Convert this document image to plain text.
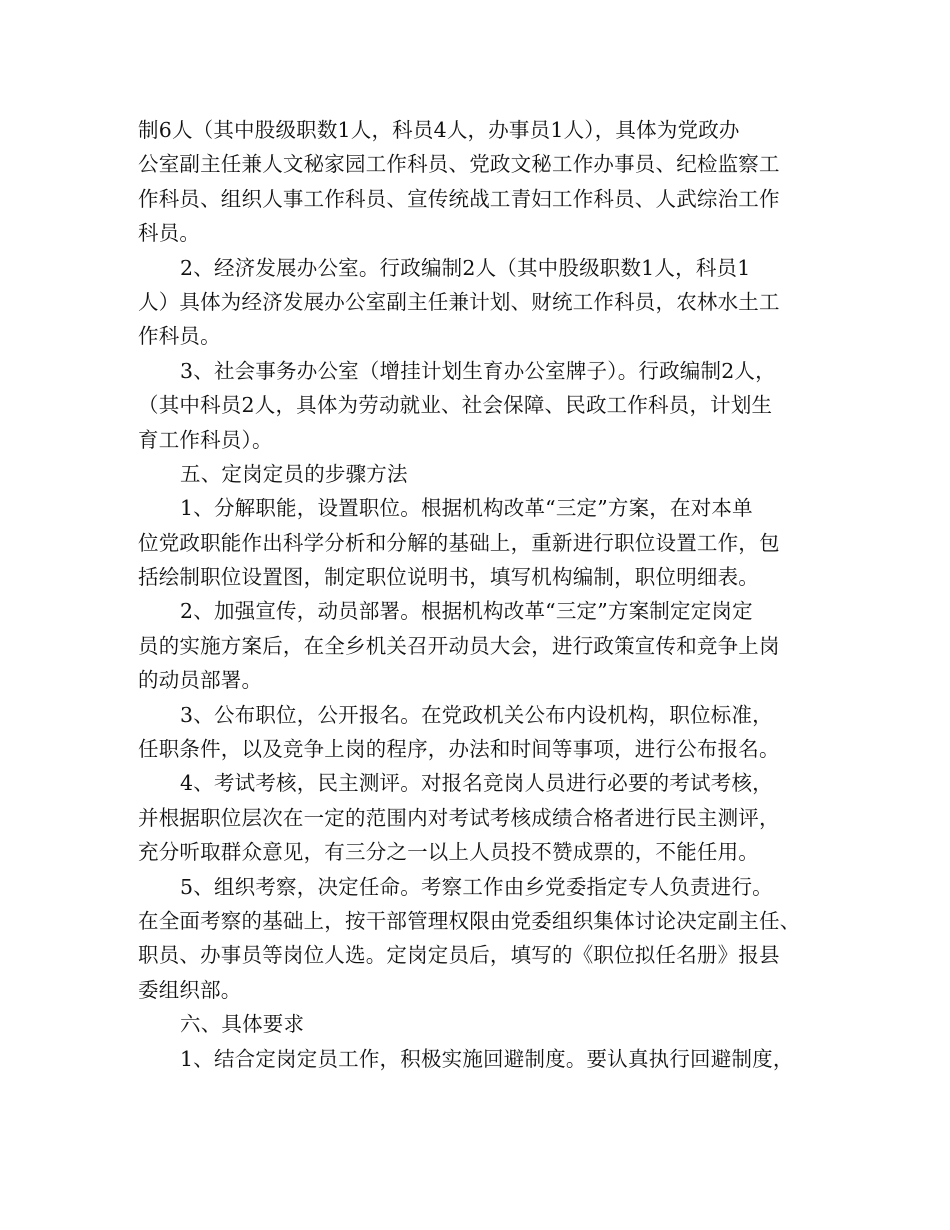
制6人（其中股级职数1人，科员4人，办事员1人），具体为党政办
公室副主任兼人文秘家园工作科员、党政文秘工作办事员、纪检监察工
作科员、组织人事工作科员、宣传统战工青妇工作科员、人武综治工作
科员。
2、经济发展办公室。行政编制2人（其中股级职数1人，科员1
人）具体为经济发展办公室副主任兼计划、财统工作科员，农林水土工
作科员。
3、社会事务办公室（增挂计划生育办公室牌子）。行政编制2人，
（其中科员2人，具体为劳动就业、社会保障、民政工作科员，计划生
育工作科员）。
五、定岗定员的步骤方法
1、分解职能，设置职位。根据机构改革“三定”方案，在对本单
位党政职能作出科学分析和分解的基础上，重新进行职位设置工作，包
括绘制职位设置图，制定职位说明书，填写机构编制，职位明细表。
2、加强宣传，动员部署。根据机构改革“三定”方案制定定岗定
员的实施方案后，在全乡机关召开动员大会，进行政策宣传和竞争上岗
的动员部署。
3、公布职位，公开报名。在党政机关公布内设机构，职位标准，
任职条件，以及竞争上岗的程序，办法和时间等事项，进行公布报名。
4、考试考核，民主测评。对报名竞岗人员进行必要的考试考核，
并根据职位层次在一定的范围内对考试考核成绩合格者进行民主测评，
充分听取群众意见，有三分之一以上人员投不赞成票的，不能任用。
5、组织考察，决定任命。考察工作由乡党委指定专人负责进行。
在全面考察的基础上，按干部管理权限由党委组织集体讨论决定副主任、
职员、办事员等岗位人选。定岗定员后，填写的《职位拟任名册》报县
委组织部。
六、具体要求
1、结合定岗定员工作，积极实施回避制度。要认真执行回避制度，
